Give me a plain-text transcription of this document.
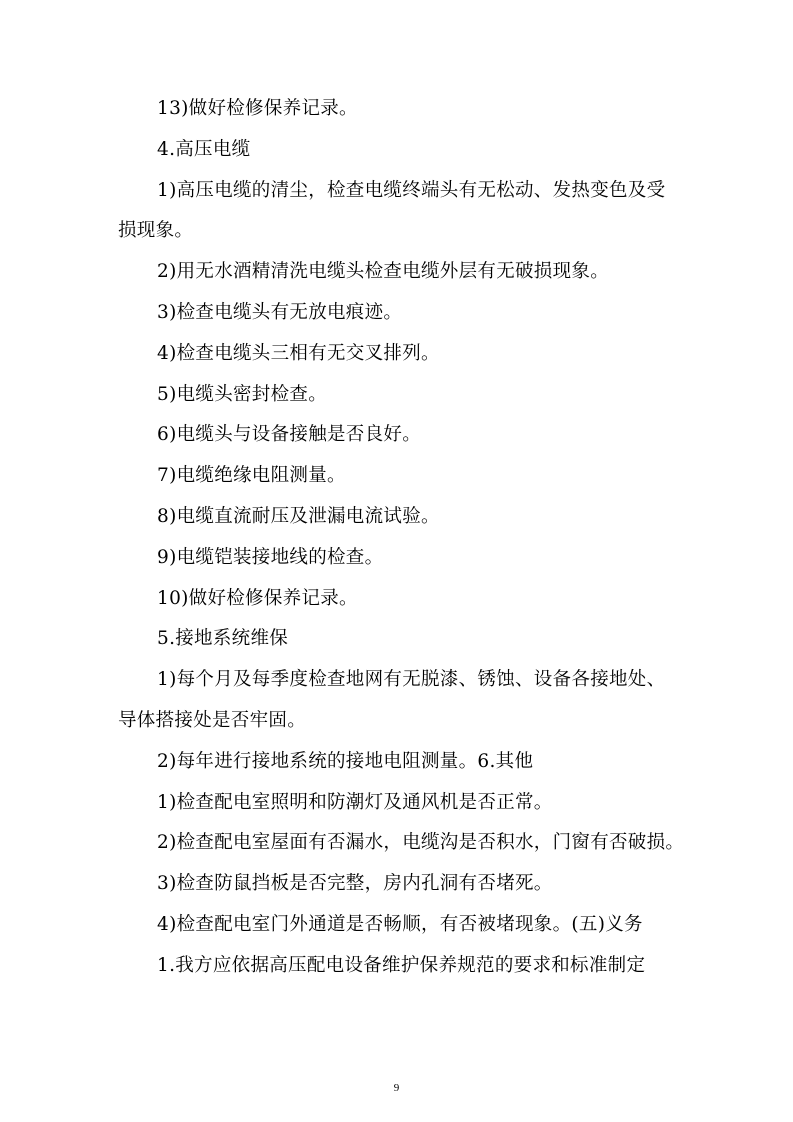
13)做好检修保养记录。
4.高压电缆
1)高压电缆的清尘，检查电缆终端头有无松动、发热变色及受
损现象。
2)用无水酒精清洗电缆头检查电缆外层有无破损现象。
3)检查电缆头有无放电痕迹。
4)检查电缆头三相有无交叉排列。
5)电缆头密封检查。
6)电缆头与设备接触是否良好。
7)电缆绝缘电阻测量。
8)电缆直流耐压及泄漏电流试验。
9)电缆铠装接地线的检查。
10)做好检修保养记录。
5.接地系统维保
1)每个月及每季度检查地网有无脱漆、锈蚀、设备各接地处、
导体搭接处是否牢固。
2)每年进行接地系统的接地电阻测量。6.其他
1)检查配电室照明和防潮灯及通风机是否正常。
2)检查配电室屋面有否漏水，电缆沟是否积水，门窗有否破损。
3)检查防鼠挡板是否完整，房内孔洞有否堵死。
4)检查配电室门外通道是否畅顺，有否被堵现象。(五)义务
1.我方应依据高压配电设备维护保养规范的要求和标准制定
9
